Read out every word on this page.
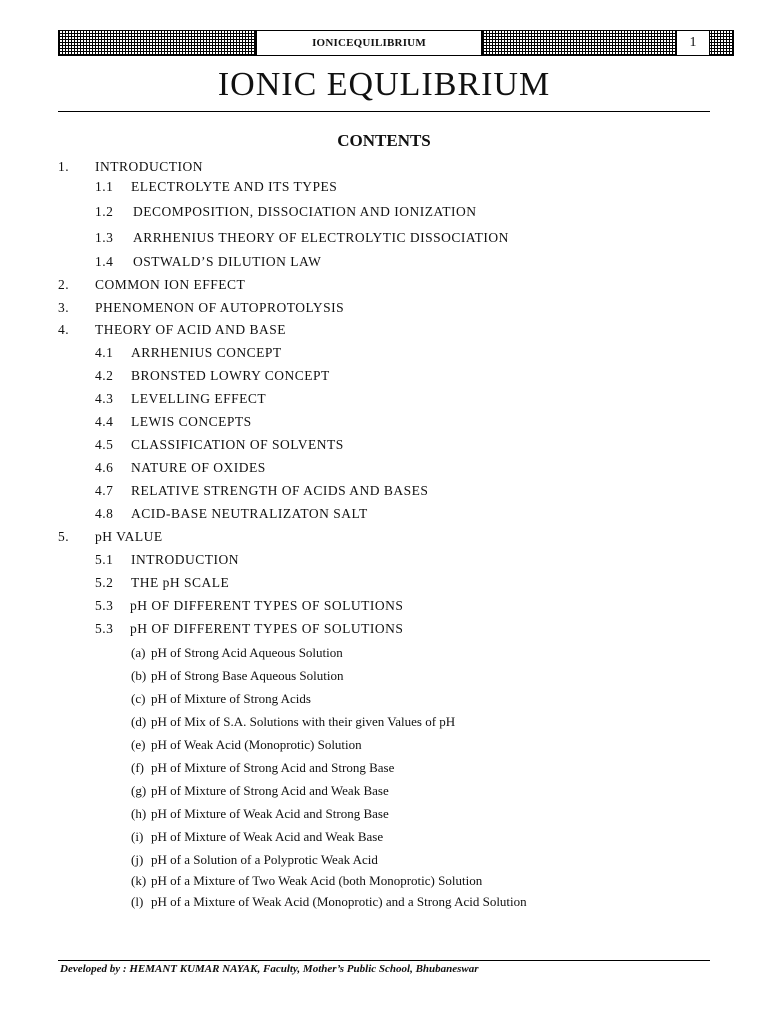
IONICEQUILIBRIUM	1
IONIC EQULIBRIUM
CONTENTS
1. INTRODUCTION
1.1 ELECTROLYTE AND ITS TYPES
1.2 DECOMPOSITION, DISSOCIATION AND IONIZATION
1.3 ARRHENIUS THEORY OF ELECTROLYTIC DISSOCIATION
1.4 OSTWALD’S DILUTION LAW
2. COMMON ION EFFECT
3. PHENOMENON OF AUTOPROTOLYSIS
4. THEORY OF ACID AND BASE
4.1 ARRHENIUS CONCEPT
4.2 BRONSTED LOWRY CONCEPT
4.3 LEVELLING EFFECT
4.4 LEWIS CONCEPTS
4.5 CLASSIFICATION OF SOLVENTS
4.6 NATURE OF OXIDES
4.7 RELATIVE STRENGTH OF ACIDS AND BASES
4.8 ACID-BASE NEUTRALIZATON SALT
5. pH VALUE
5.1 INTRODUCTION
5.2 THE pH SCALE
5.3 pH OF DIFFERENT TYPES OF SOLUTIONS
5.3 pH OF DIFFERENT TYPES OF SOLUTIONS
(a) pH of Strong Acid Aqueous Solution
(b) pH of Strong Base Aqueous Solution
(c) pH of Mixture of Strong Acids
(d) pH of Mix of S.A. Solutions with their given Values of pH
(e) pH of Weak Acid (Monoprotic) Solution
(f) pH of Mixture of Strong Acid and Strong Base
(g) pH of Mixture of Strong Acid and Weak Base
(h) pH of Mixture of Weak Acid and Strong Base
(i) pH of Mixture of Weak Acid and Weak Base
(j) pH of a Solution of a Polyprotic Weak Acid
(k) pH of a Mixture of Two Weak Acid (both Monoprotic) Solution
(l) pH of a Mixture of Weak Acid (Monoprotic) and a Strong Acid Solution
Developed by : HEMANT KUMAR NAYAK, Faculty, Mother’s Public School, Bhubaneswar
